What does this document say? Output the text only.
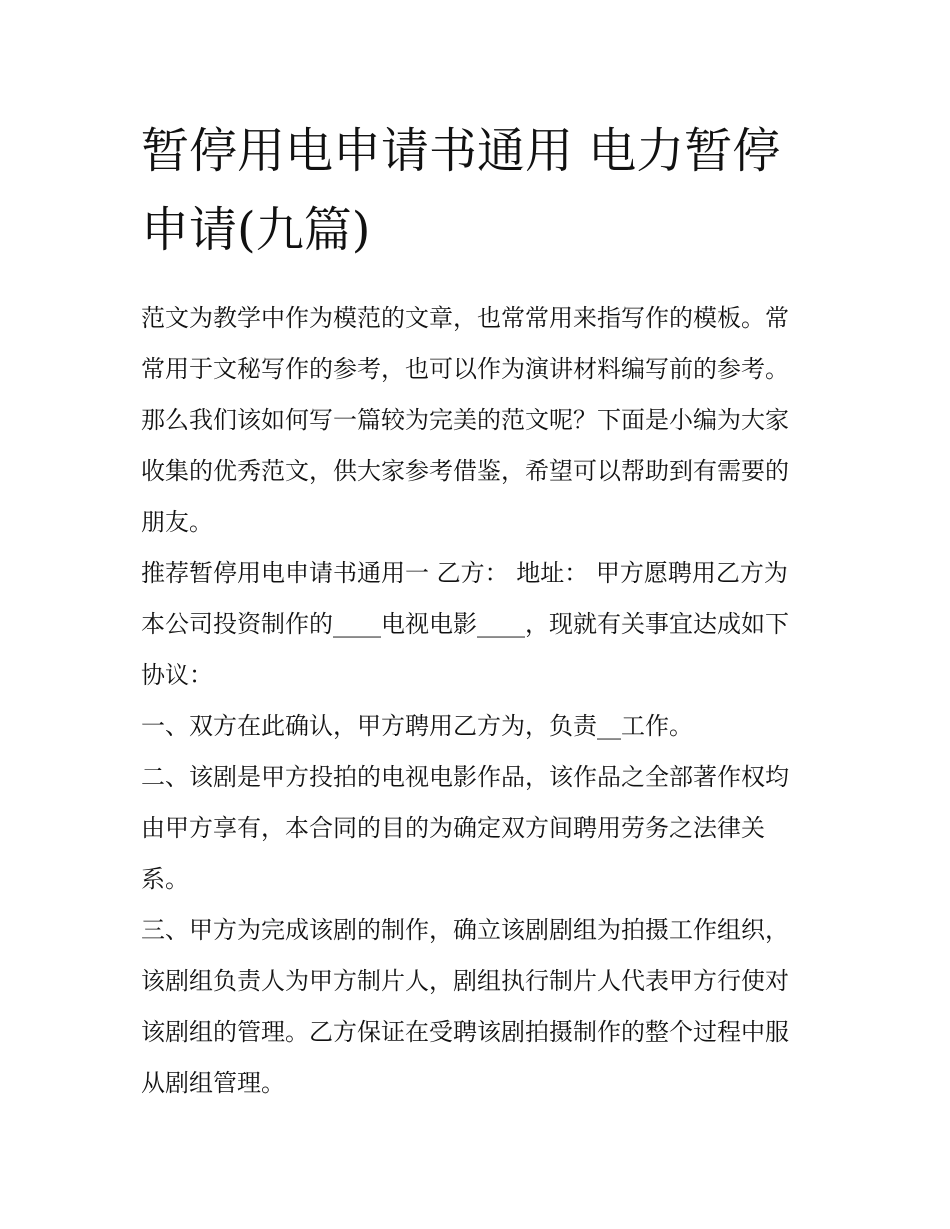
暂停用电申请书通用 电力暂停
申请(九篇)

范文为教学中作为模范的文章，也常常用来指写作的模板。常
常用于文秘写作的参考，也可以作为演讲材料编写前的参考。
那么我们该如何写一篇较为完美的范文呢？下面是小编为大家
收集的优秀范文，供大家参考借鉴，希望可以帮助到有需要的
朋友。

推荐暂停用电申请书通用一 乙方： 地址： 甲方愿聘用乙方为
本公司投资制作的____电视电影____，现就有关事宜达成如下
协议：

一、双方在此确认，甲方聘用乙方为，负责__工作。

二、该剧是甲方投拍的电视电影作品，该作品之全部著作权均
由甲方享有，本合同的目的为确定双方间聘用劳务之法律关
系。

三、甲方为完成该剧的制作，确立该剧剧组为拍摄工作组织，
该剧组负责人为甲方制片人，剧组执行制片人代表甲方行使对
该剧组的管理。乙方保证在受聘该剧拍摄制作的整个过程中服
从剧组管理。
